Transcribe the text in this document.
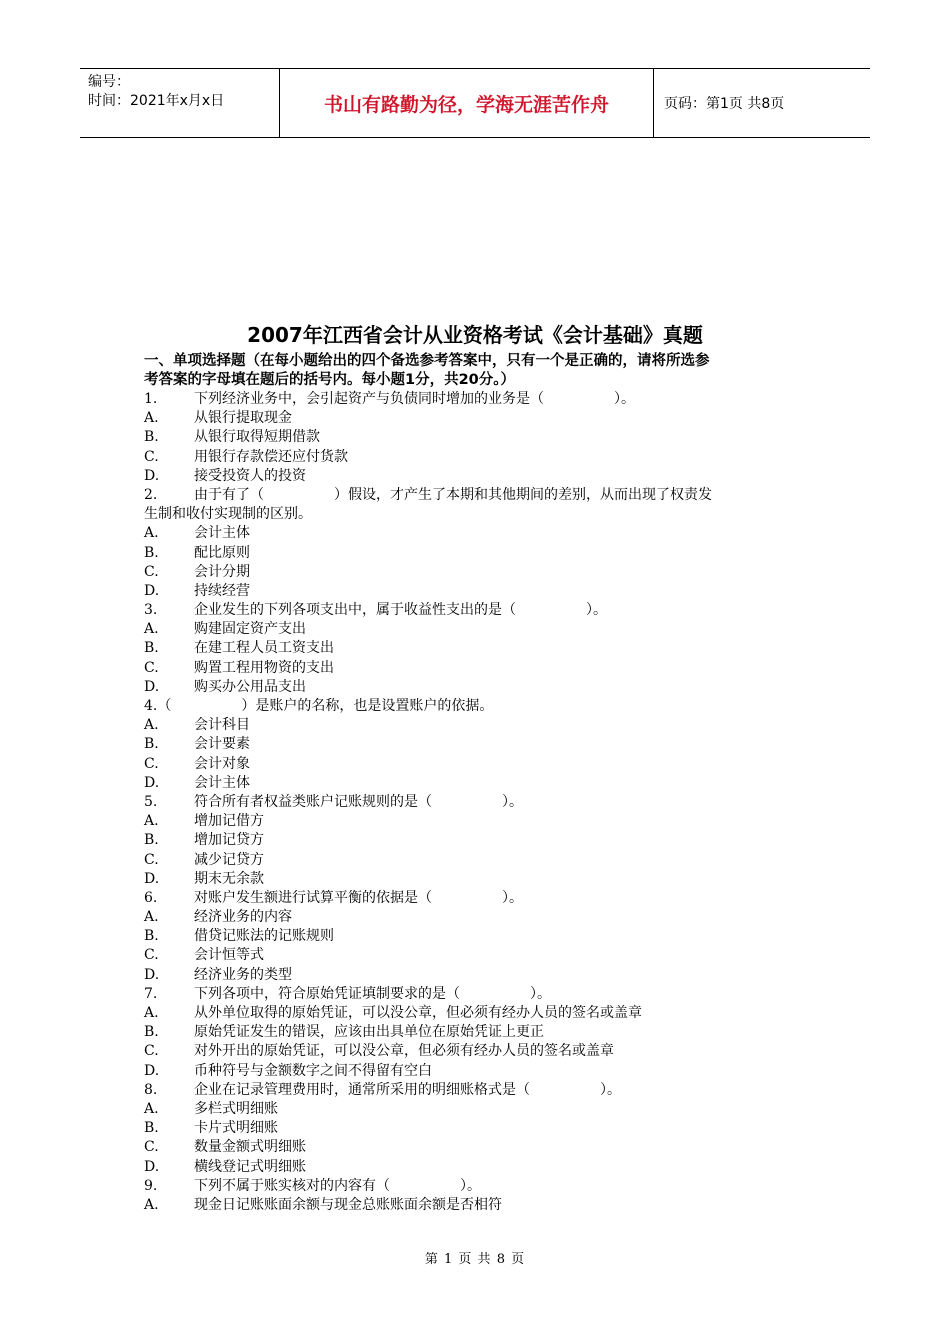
编号：
时间：2021年x月x日	书山有路勤为径，学海无涯苦作舟	页码：第1页 共8页
2007年江西省会计从业资格考试《会计基础》真题
一、单项选择题（在每小题给出的四个备选参考答案中，只有一个是正确的，请将所选参
考答案的字母填在题后的括号内。每小题1分，共20分。）
1.	下列经济业务中，会引起资产与负债同时增加的业务是（　　　　　）。
A.	从银行提取现金
B.	从银行取得短期借款
C.	用银行存款偿还应付货款
D.	接受投资人的投资
2.	由于有了（　　　　　）假设，才产生了本期和其他期间的差别，从而出现了权责发
生制和收付实现制的区别。
A.	会计主体
B.	配比原则
C.	会计分期
D.	持续经营
3.	企业发生的下列各项支出中，属于收益性支出的是（　　　　　）。
A.	购建固定资产支出
B.	在建工程人员工资支出
C.	购置工程用物资的支出
D.	购买办公用品支出
4.（　　　　　）是账户的名称，也是设置账户的依据。
A.	会计科目
B.	会计要素
C.	会计对象
D.	会计主体
5.	符合所有者权益类账户记账规则的是（　　　　　）。
A.	增加记借方
B.	增加记贷方
C.	减少记贷方
D.	期末无余款
6.	对账户发生额进行试算平衡的依据是（　　　　　）。
A.	经济业务的内容
B.	借贷记账法的记账规则
C.	会计恒等式
D.	经济业务的类型
7.	下列各项中，符合原始凭证填制要求的是（　　　　　）。
A.	从外单位取得的原始凭证，可以没公章，但必须有经办人员的签名或盖章
B.	原始凭证发生的错误，应该由出具单位在原始凭证上更正
C.	对外开出的原始凭证，可以没公章，但必须有经办人员的签名或盖章
D.	币种符号与金额数字之间不得留有空白
8.	企业在记录管理费用时，通常所采用的明细账格式是（　　　　　）。
A.	多栏式明细账
B.	卡片式明细账
C.	数量金额式明细账
D.	横线登记式明细账
9.	下列不属于账实核对的内容有（　　　　　）。
A.	现金日记账账面余额与现金总账账面余额是否相符
第 1 页 共 8 页
